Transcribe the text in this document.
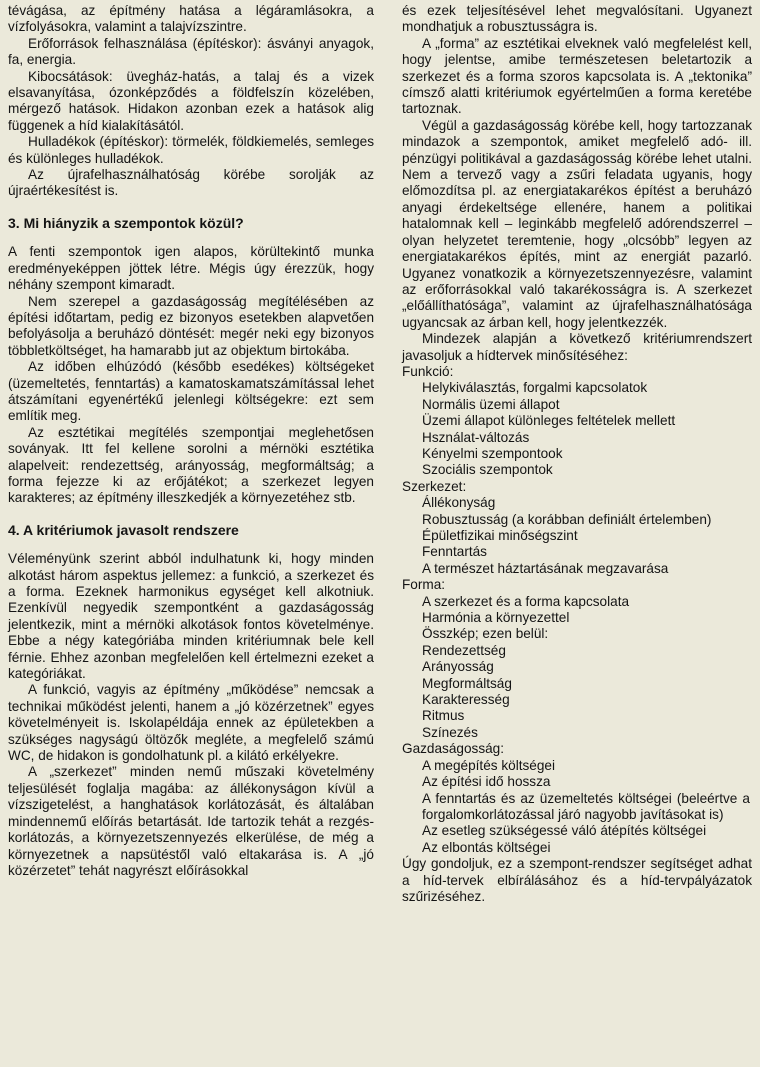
tévágása, az építmény hatása a légáramlásokra, a vízfolyásokra, valamint a talajvízszintre.

Erőforrások felhasználása (építéskor): ásványi anyagok, fa, energia.

Kibocsátások: üvegház-hatás, a talaj és a vizek elsavanyítása, ózonképződés a földfelszín közelében, mérgező hatások. Hidakon azonban ezek a hatások alig függenek a híd kialakításától.

Hulladékok (építéskor): törmelék, földkiemelés, semleges és különleges hulladékok.

Az újrafelhasználhatóság körébe sorolják az újraértékesítést is.

3. Mi hiányzik a szempontok közül?

A fenti szempontok igen alapos, körültekintő munka eredményeképpen jöttek létre. Mégis úgy érezzük, hogy néhány szempont kimaradt.

Nem szerepel a gazdaságosság megítélésében az építési időtartam, pedig ez bizonyos esetekben alapvetően befolyásolja a beruházó döntését: megér neki egy bizonyos többletköltséget, ha hamarabb jut az objektum birtokába.

Az időben elhúzódó (később esedékes) költségeket (üzemeltetés, fenntartás) a kamatoskamatszámítással lehet átszámítani egyenértékű jelenlegi költségekre: ezt sem említik meg.

Az esztétikai megítélés szempontjai meglehetősen soványak. Itt fel kellene sorolni a mérnöki esztétika alapelveit: rendezettség, arányosság, megformáltság; a forma fejezze ki az erőjátékot; a szerkezet legyen karakteres; az építmény illeszkedjék a környezetéhez stb.

4. A kritériumok javasolt rendszere

Véleményünk szerint abból indulhatunk ki, hogy minden alkotást három aspektus jellemez: a funkció, a szerkezet és a forma. Ezeknek harmonikus egységet kell alkotniuk. Ezenkívül negyedik szempontként a gazdaságosság jelentkezik, mint a mérnöki alkotások fontos követelménye. Ebbe a négy kategóriába minden kritériumnak bele kell férnie. Ehhez azonban megfelelően kell értelmezni ezeket a kategóriákat.

A funkció, vagyis az építmény „működése” nemcsak a technikai működést jelenti, hanem a „jó közérzetnek” egyes követelményeit is. Iskolapéldája ennek az épületekben a szükséges nagyságú öltözők megléte, a megfelelő számú WC, de hidakon is gondolhatunk pl. a kilátó erkélyekre.

A „szerkezet” minden nemű műszaki követelmény teljesülését foglalja magába: az állékonyságon kívül a vízszigetelést, a hanghatások korlátozását, és általában mindennemű előírás betartását. Ide tartozik tehát a rezgés-korlátozás, a környezetszennyezés elkerülése, de még a környezetnek a napsütéstől való eltakarása is. A „jó közérzetet” tehát nagyrészt előírásokkal

és ezek teljesítésével lehet megvalósítani. Ugyanezt mondhatjuk a robusztusságra is.

A „forma” az esztétikai elveknek való megfelelést kell, hogy jelentse, amibe természetesen beletartozik a szerkezet és a forma szoros kapcsolata is. A „tektonika” címsző alatti kritériumok egyértelműen a forma keretébe tartoznak.

Végül a gazdaságosság körébe kell, hogy tartozzanak mindazok a szempontok, amiket megfelelő adó- ill. pénzügyi politikával a gazdaságosság körébe lehet utalni. Nem a tervező vagy a zsűri feladata ugyanis, hogy előmozdítsa pl. az energiatakarékos építést a beruházó anyagi érdekeltsége ellenére, hanem a politikai hatalomnak kell – leginkább megfelelő adórendszerrel – olyan helyzetet teremtenie, hogy „olcsóbb” legyen az energiatakarékos építés, mint az energiát pazarló. Ugyanez vonatkozik a környezetszennyezésre, valamint az erőforrásokkal való takarékosságra is. A szerkezet „előállíthatósága”, valamint az újrafelhasználhatósága ugyancsak az árban kell, hogy jelentkezzék.

Mindezek alapján a következő kritériumrendszert javasoljuk a hídtervek minősítéséhez:

Funkció:
Helykiválasztás, forgalmi kapcsolatok
Normális üzemi állapot
Üzemi állapot különleges feltételek mellett
Hsználat-változás
Kényelmi szempontook
Szociális szempontok
Szerkezet:
Állékonyság
Robusztusság (a korábban definiált értelemben)
Épületfizikai minőségszint
Fenntartás
A természet háztartásának megzavarása
Forma:
A szerkezet és a forma kapcsolata
Harmónia a környezettel
Összkép; ezen belül:
Rendezettség
Arányosság
Megformáltság
Karakteresség
Ritmus
Színezés
Gazdaságosság:
A megépítés költségei
Az építési idő hossza
A fenntartás és az üzemeltetés költségei (beleértve a forgalomkorlátozással járó nagyobb javításokat is)
Az esetleg szükségessé váló átépítés költségei
Az elbontás költségei

Úgy gondoljuk, ez a szempont-rendszer segítséget adhat a híd-tervek elbírálásához és a híd-tervpályázatok szűrizéséhez.
